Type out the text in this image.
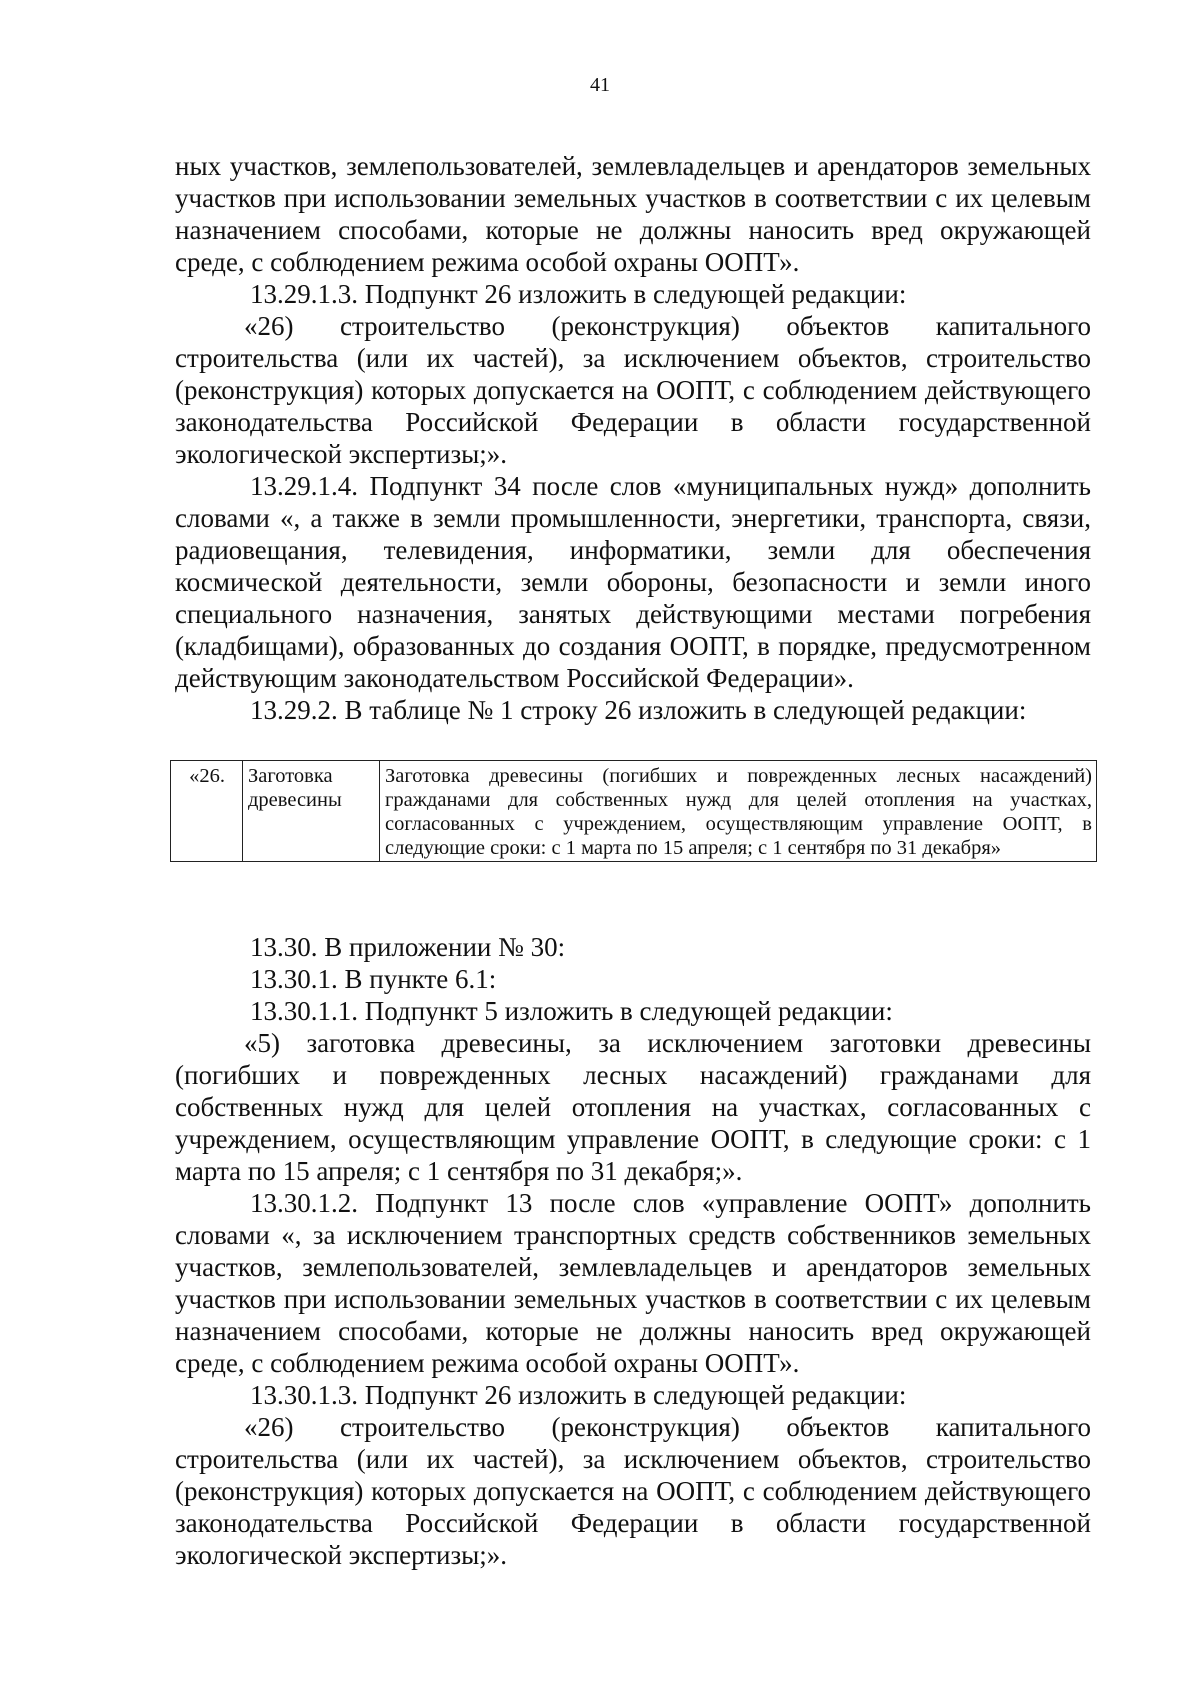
41

ных участков, землепользователей, землевладельцев и арендаторов земельных участков при использовании земельных участков в соответствии с их целевым назначением способами, которые не должны наносить вред окружающей среде, с соблюдением режима особой охраны ООПТ».

13.29.1.3. Подпункт 26 изложить в следующей редакции:

«26) строительство (реконструкция) объектов капитального строительства (или их частей), за исключением объектов, строительство (реконструкция) которых допускается на ООПТ, с соблюдением действующего законодательства Российской Федерации в области государственной экологической экспертизы;».

13.29.1.4. Подпункт 34 после слов «муниципальных нужд» дополнить словами «, а также в земли промышленности, энергетики, транспорта, связи, радиовещания, телевидения, информатики, земли для обеспечения космической деятельности, земли обороны, безопасности и земли иного специального назначения, занятых действующими местами погребения (кладбищами), образованных до создания ООПТ, в порядке, предусмотренном действующим законодательством Российской Федерации».

13.29.2. В таблице № 1 строку 26 изложить в следующей редакции:

«26.	Заготовка древесины	Заготовка древесины (погибших и поврежденных лесных насаждений) гражданами для собственных нужд для целей отопления на участках, согласованных с учреждением, осуществляющим управление ООПТ, в следующие сроки: с 1 марта по 15 апреля; с 1 сентября по 31 декабря»

13.30. В приложении № 30:

13.30.1. В пункте 6.1:

13.30.1.1. Подпункт 5 изложить в следующей редакции:

«5) заготовка древесины, за исключением заготовки древесины (погибших и поврежденных лесных насаждений) гражданами для собственных нужд для целей отопления на участках, согласованных с учреждением, осуществляющим управление ООПТ, в следующие сроки: с 1 марта по 15 апреля; с 1 сентября по 31 декабря;».

13.30.1.2. Подпункт 13 после слов «управление ООПТ» дополнить словами «, за исключением транспортных средств собственников земельных участков, землепользователей, землевладельцев и арендаторов земельных участков при использовании земельных участков в соответствии с их целевым назначением способами, которые не должны наносить вред окружающей среде, с соблюдением режима особой охраны ООПТ».

13.30.1.3. Подпункт 26 изложить в следующей редакции:

«26) строительство (реконструкция) объектов капитального строительства (или их частей), за исключением объектов, строительство (реконструкция) которых допускается на ООПТ, с соблюдением действующего законодательства Российской Федерации в области государственной экологической экспертизы;».
